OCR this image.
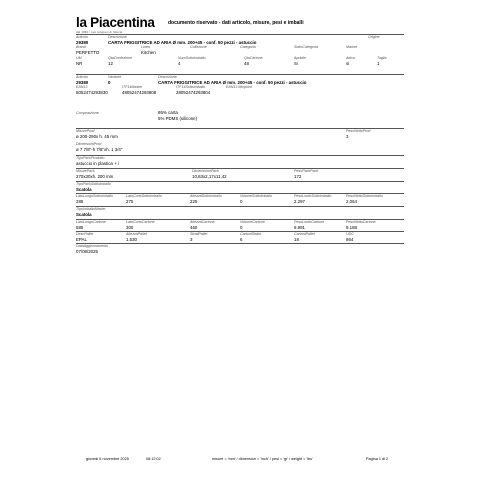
la Piacentina
dal 1891 i tuoi artigiani di fiducia
documento riservato - dati articolo, misure, pesi e imballi
Articolo	Descrizione	Origine
29380	CARTA FRIGGITRICE AD ARIA Ø mm. 200+45 - conf. 50 pezzi - astuccio
Brand	Linea	Collezione	Categoria	SottoCategoria	Market
PERFETTO	Kitchen
UM	QtaConfezione	NumSottoImballo	QtaCartone	Apribile	Attivo	Taglia
NR	12	4	48	Si	si	1
Articolo	Variante	Descrizione
29380	0	CARTA FRIGGITRICE AD ARIA Ø mm. 200+45 - conf. 50 pezzi - astuccio
EAN13	ITF14Master	ITF14Sottoimballo	EAN13 Mixpoint
8052474293830	48052474293808	28052474293804
Composizione	95% carta
5% PDMS (silicone)
MisureProd	PesoNettoProd
ø 200-290x h. 45 mm	3
DimensioniProd
ø 7 7/8"-h 7/8"xh. 1 3/4"
TipoPackProdotto
astuccio in plastica + i
MisurePack	DimensionePack	PesoPackPack
270x30xh. 200 mm	10,63x2,17x11,42	172
TipoPackSottoImballo
Scatola
LatoLungoSottoImballo	LatoCortoSottoImballo	AltezzaSottoImballo	VolumeSottoImballo	PesoLordoSottoImballo	PesoNettoSottoImballo
285	275	225	0	2.297	2.064
TipoImballoMaster
Scatola
LatoLungoCartone	LatoCortoCartone	AltezzaCartone	VolumeCartone	PesoLordoCartone	PesoNettoCartone
585	300	460	0	9.991	9.188
DescPallet	AltezzaPallet	StratiPallet	CartoniStrato	CartoniPallet	UDC
EPAL	1.530	3	6	18	864
DataAggiornamento
07/08/2025
giovedì 6 novembre 2025	08:12:02	misure = 'mm' / dimension = 'inch' / pesi = 'gr' / weight = 'lbs'	Pagina 1 di 2
